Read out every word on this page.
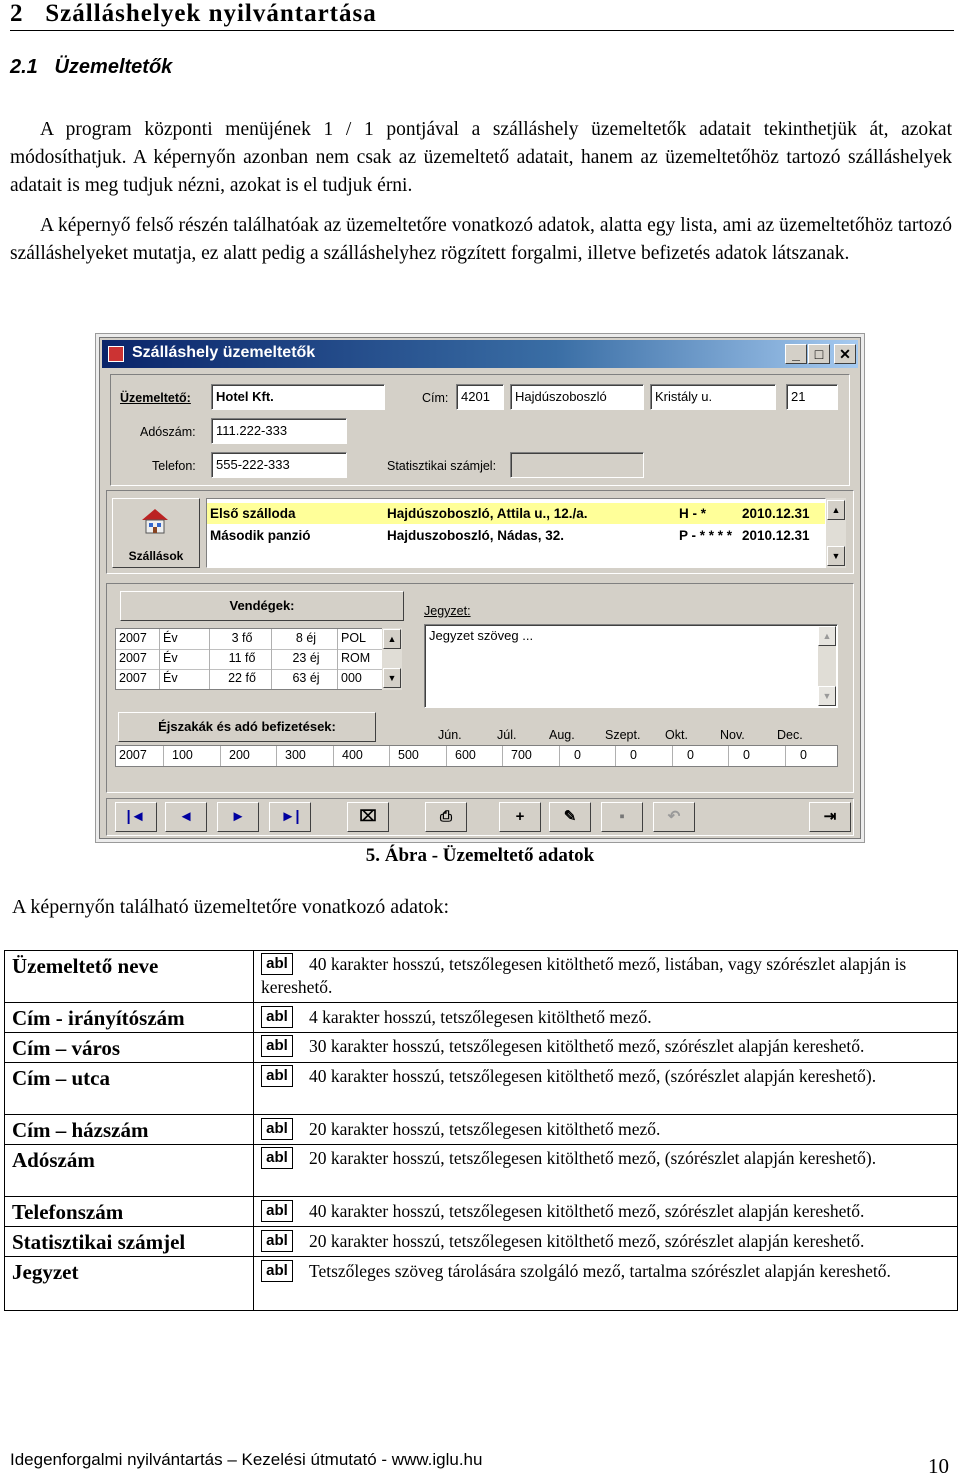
2 Szálláshelyek nyilvántartása
2.1 Üzemeltetők
A program központi menüjének 1 / 1 pontjával a szálláshely üzemeltetők adatait tekinthetjük át, azokat módosíthatjuk. A képernyőn azonban nem csak az üzemeltető adatait, hanem az üzemeltetőhöz tartozó szálláshelyek adatait is meg tudjuk nézni, azokat is el tudjuk érni.
A képernyő felső részén találhatóak az üzemeltetőre vonatkozó adatok, alatta egy lista, ami az üzemeltetőhöz tartozó szálláshelyeket mutatja, ez alatt pedig a szálláshelyhez rögzített forgalmi, illetve befizetés adatok látszanak.
Szálláshely üzemeltetők	_	□	✕
Üzemeltető:	Hotel Kft.
Adószám:	111.222-333
Telefon:	555-222-333
Cím: 4201	Hajdúszoboszló	Kristály u.	21
Statisztikai számjel:
Szállások
Első szálloda	Hajdúszoboszló, Attila u., 12./a.	H - *	2010.12.31
Második panzió	Hajduszoboszló, Nádas, 32.	P - * * * * 2010.12.31
▲
▼
Vendégek:
2007	Év	3 fő	8 éj	POL
2007	Év	11 fő	23 éj	ROM
2007	Év	22 fő	63 éj	000
▲
▼
Jegyzet:
Jegyzet szöveg ...	▲
▼
Éjszakák és adó befizetések:
Jún.	Júl.	Aug. Szept. Okt.	Nov.	Dec.
2007	100	200	300	400	500	600	700	0	0	0	0	0
|◄	◄	►	►|	⌧	⎙	+	✎	▪	↶	⇥
5. Ábra - Üzemeltető adatok
A képernyőn található üzemeltetőre vonatkozó adatok:
Üzemeltető neve	abl 40 karakter hosszú, tetszőlegesen kitölthető mező, listában, vagy szórészlet alapján is kereshető.
Cím - irányítószám	abl 4 karakter hosszú, tetszőlegesen kitölthető mező.
Cím – város	abl 30 karakter hosszú, tetszőlegesen kitölthető mező, szórészlet alapján kereshető.
Cím – utca	abl 40 karakter hosszú, tetszőlegesen kitölthető mező, (szórészlet alapján kereshető).
Cím – házszám	abl 20 karakter hosszú, tetszőlegesen kitölthető mező.
Adószám	abl 20 karakter hosszú, tetszőlegesen kitölthető mező, (szórészlet alapján kereshető).
Telefonszám	abl 40 karakter hosszú, tetszőlegesen kitölthető mező, szórészlet alapján kereshető.
Statisztikai számjel	abl 20 karakter hosszú, tetszőlegesen kitölthető mező, szórészlet alapján kereshető.
Jegyzet	abl Tetszőleges szöveg tárolására szolgáló mező, tartalma szórészlet alapján kereshető.
Idegenforgalmi nyilvántartás – Kezelési útmutató - www.iglu.hu	10
